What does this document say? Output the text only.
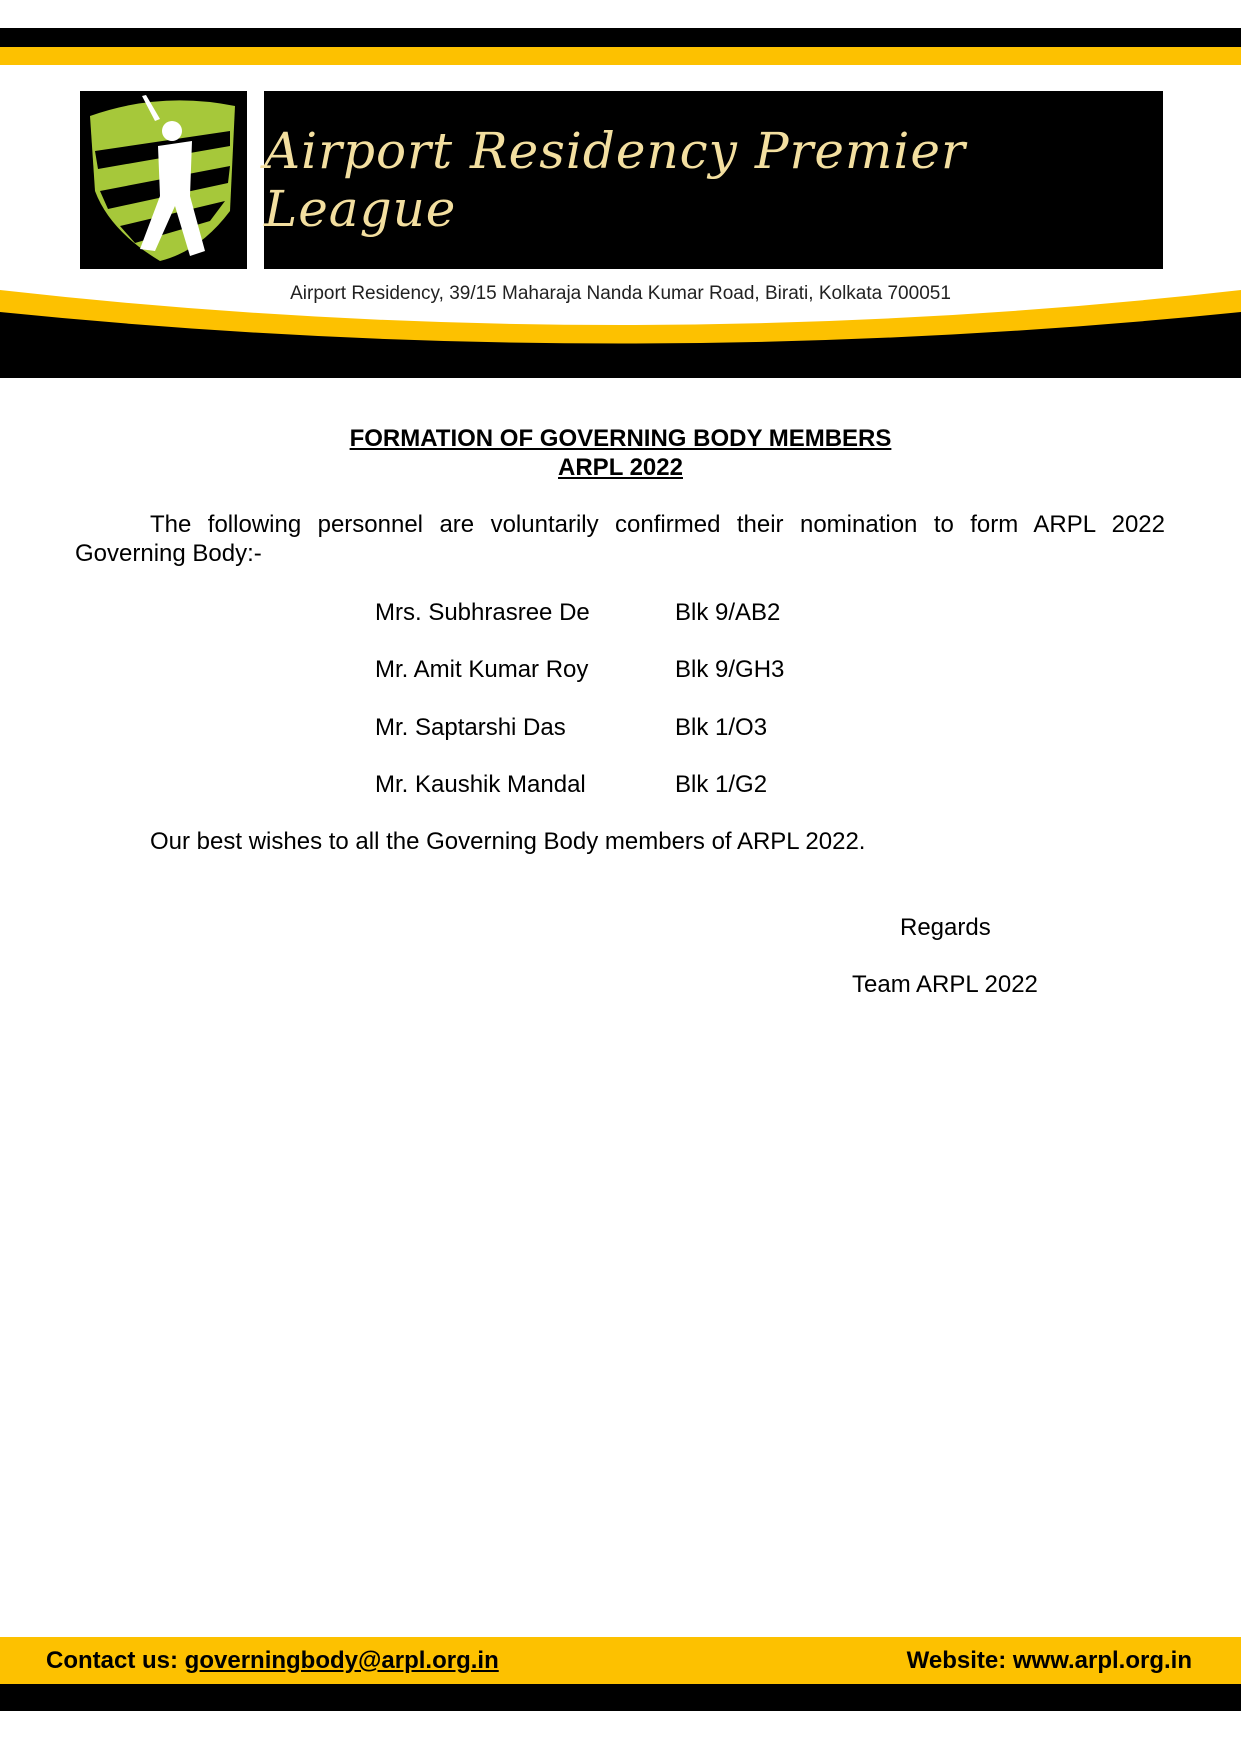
Airport Residency Premier League
Airport Residency, 39/15 Maharaja Nanda Kumar Road, Birati, Kolkata 700051
FORMATION OF GOVERNING BODY MEMBERS
ARPL 2022
The following personnel are voluntarily confirmed their nomination to form ARPL 2022
Governing Body:-
Mrs. Subhrasree De	Blk 9/AB2
Mr. Amit Kumar Roy	Blk 9/GH3
Mr. Saptarshi Das	Blk 1/O3
Mr. Kaushik Mandal	Blk 1/G2
Our best wishes to all the Governing Body members of ARPL 2022.
Regards
Team ARPL 2022
Contact us: governingbody@arpl.org.in	Website: www.arpl.org.in
